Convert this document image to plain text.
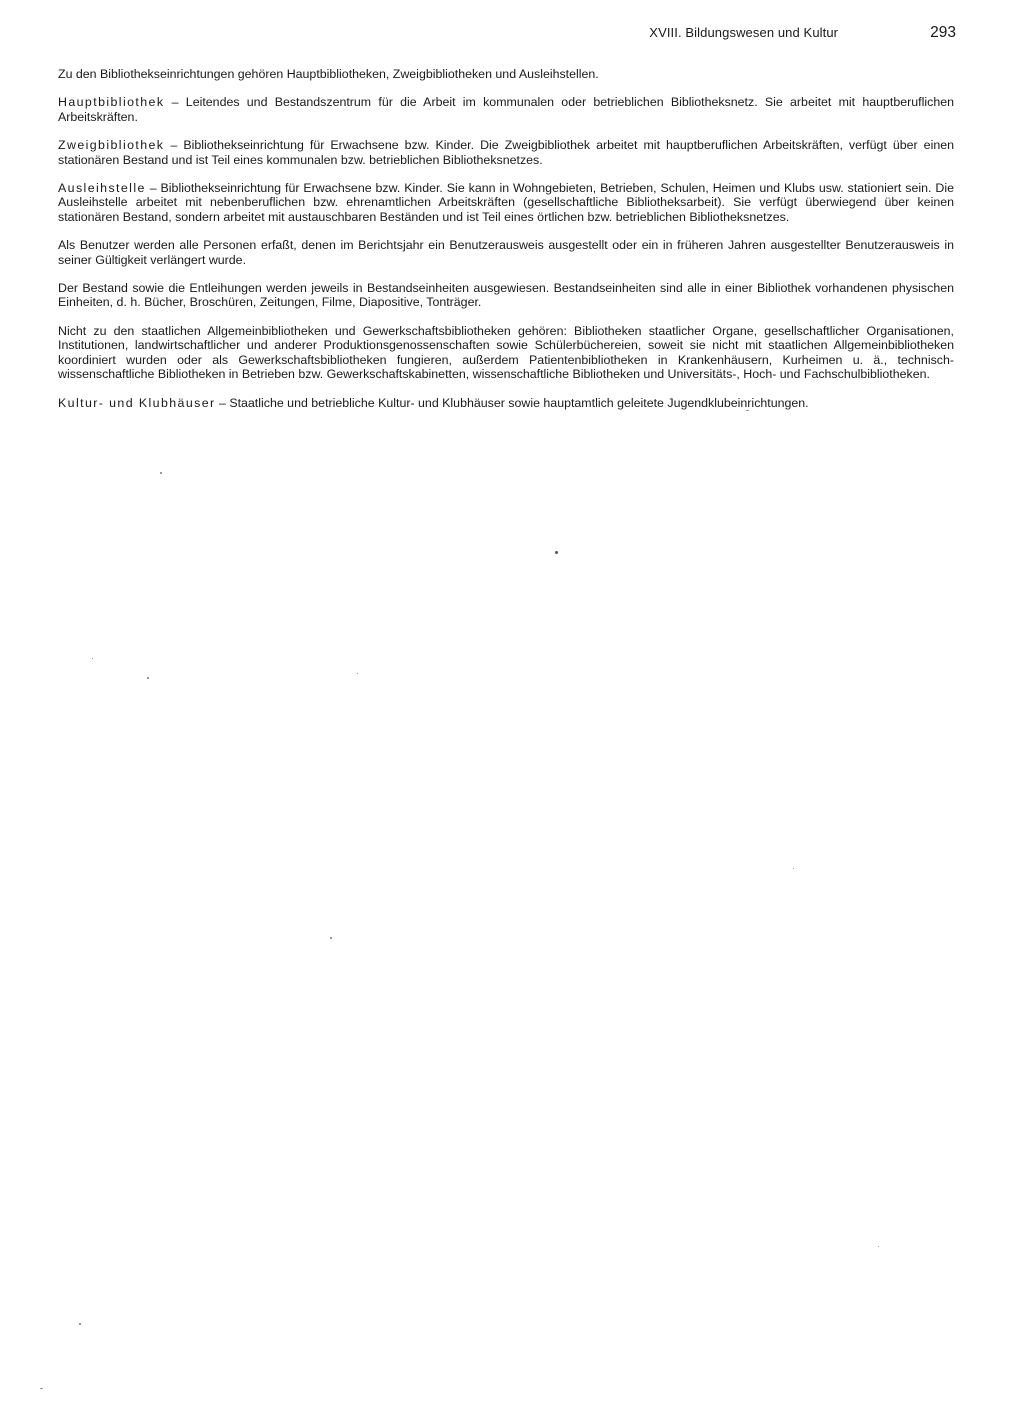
XVIII. Bildungswesen und Kultur	293

Zu den Bibliothekseinrichtungen gehören Hauptbibliotheken, Zweigbibliotheken und Ausleihstellen.

Hauptbibliothek – Leitendes und Bestandszentrum für die Arbeit im kommunalen oder betrieblichen Bibliotheksnetz. Sie arbeitet mit hauptberuflichen Arbeitskräften.

Zweigbibliothek – Bibliothekseinrichtung für Erwachsene bzw. Kinder. Die Zweigbibliothek arbeitet mit hauptberuflichen Arbeitskräften, verfügt über einen stationären Bestand und ist Teil eines kommunalen bzw. betrieblichen Bibliotheksnetzes.

Ausleihstelle – Bibliothekseinrichtung für Erwachsene bzw. Kinder. Sie kann in Wohngebieten, Betrieben, Schulen, Heimen und Klubs usw. stationiert sein. Die Ausleihstelle arbeitet mit nebenberuflichen bzw. ehrenamtlichen Arbeitskräften (gesellschaftliche Bibliotheksarbeit). Sie verfügt überwiegend über keinen stationären Bestand, sondern arbeitet mit austauschbaren Beständen und ist Teil eines örtlichen bzw. betrieblichen Bibliotheksnetzes.

Als Benutzer werden alle Personen erfaßt, denen im Berichtsjahr ein Benutzerausweis ausgestellt oder ein in früheren Jahren ausgestellter Benutzerausweis in seiner Gültigkeit verlängert wurde.

Der Bestand sowie die Entleihungen werden jeweils in Bestandseinheiten ausgewiesen. Bestandseinheiten sind alle in einer Bibliothek vorhandenen physischen Einheiten, d. h. Bücher, Broschüren, Zeitungen, Filme, Diapositive, Tonträger.

Nicht zu den staatlichen Allgemeinbibliotheken und Gewerkschaftsbibliotheken gehören: Bibliotheken staatlicher Organe, gesellschaftlicher Organisationen, Institutionen, landwirtschaftlicher und anderer Produktionsgenossenschaften sowie Schülerbüchereien, soweit sie nicht mit staatlichen Allgemeinbibliotheken koordiniert wurden oder als Gewerkschaftsbibliotheken fungieren, außerdem Patientenbibliotheken in Krankenhäusern, Kurheimen u. ä., technisch-wissenschaftliche Bibliotheken in Betrieben bzw. Gewerkschaftskabinetten, wissenschaftliche Bibliotheken und Universitäts-, Hoch- und Fachschulbibliotheken.

Kultur- und Klubhäuser – Staatliche und betriebliche Kultur- und Klubhäuser sowie hauptamtlich geleitete Jugendklubeinrichtungen.
